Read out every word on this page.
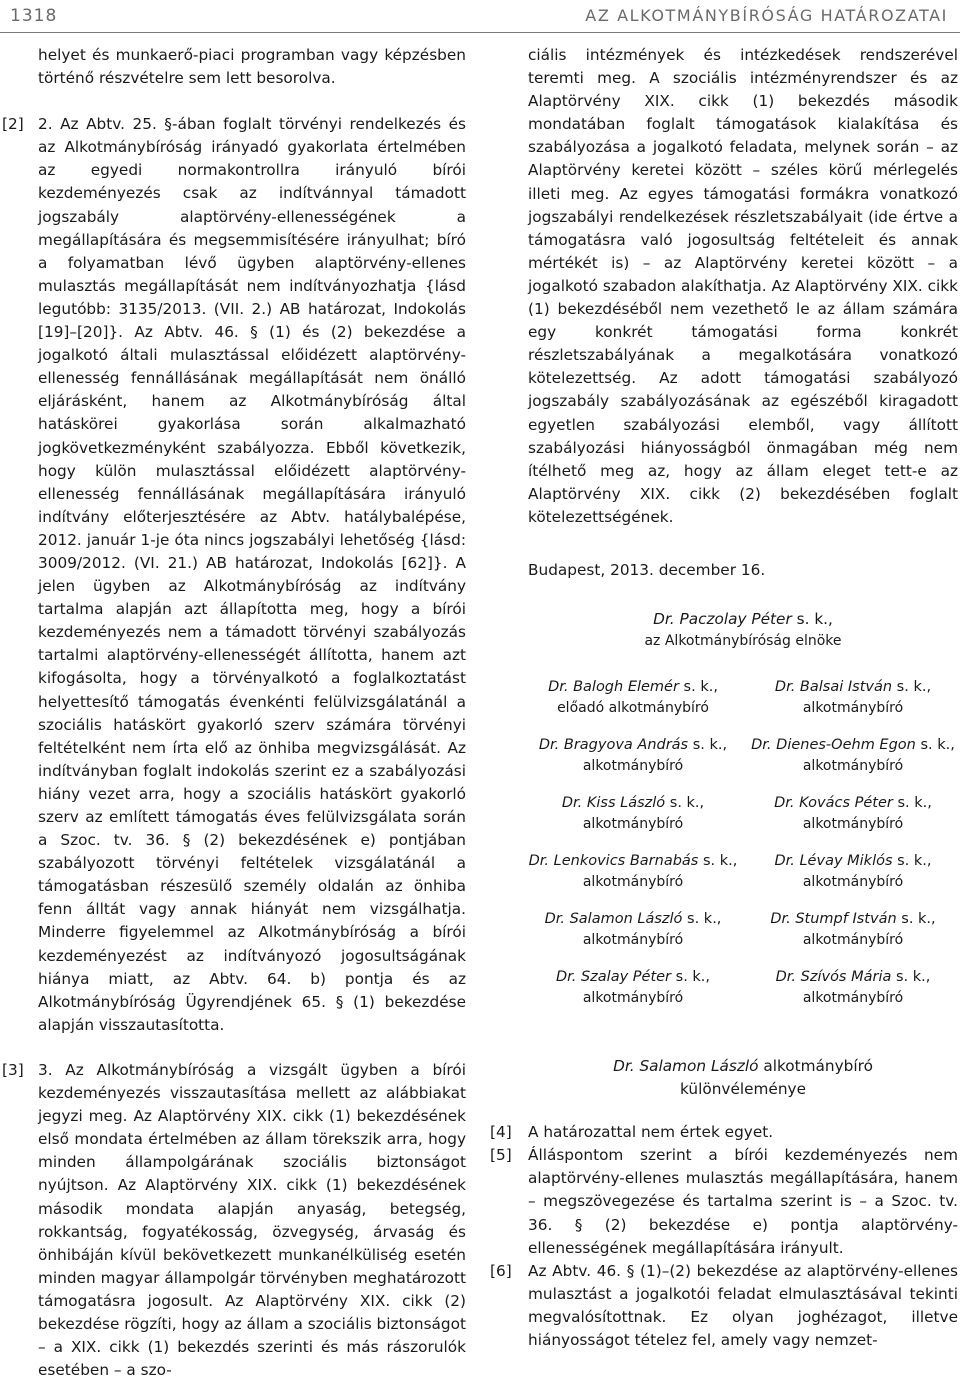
1318	AZ ALKOTMÁNYBÍRÓSÁG HATÁROZATAI

helyet és munkaerő-piaci programban vagy képzésben történő részvételre sem lett besorolva.

[2] 2. Az Abtv. 25. §-ában foglalt törvényi rendelkezés és az Alkotmánybíróság irányadó gyakorlata értelmében az egyedi normakontrollra irányuló bírói kezdeményezés csak az indítvánnyal támadott jogszabály alaptörvény-ellenességének a megállapítására és megsemmisítésére irányulhat; bíró a folyamatban lévő ügyben alaptörvény-ellenes mulasztás megállapítását nem indítványozhatja {lásd legutóbb: 3135/2013. (VII. 2.) AB határozat, Indokolás [19]–[20]}. Az Abtv. 46. § (1) és (2) bekezdése a jogalkotó általi mulasztással előidézett alaptörvény-ellenesség fennállásának megállapítását nem önálló eljárásként, hanem az Alkotmánybíróság által hatáskörei gyakorlása során alkalmazható jogkövetkezményként szabályozza. Ebből következik, hogy külön mulasztással előidézett alaptörvény-ellenesség fennállásának megállapítására irányuló indítvány előterjesztésére az Abtv. hatálybalépése, 2012. január 1-je óta nincs jogszabályi lehetőség {lásd: 3009/2012. (VI. 21.) AB határozat, Indokolás [62]}. A jelen ügyben az Alkotmánybíróság az indítvány tartalma alapján azt állapította meg, hogy a bírói kezdeményezés nem a támadott törvényi szabályozás tartalmi alaptörvény-ellenességét állította, hanem azt kifogásolta, hogy a törvényalkotó a foglalkoztatást helyettesítő támogatás évenkénti felülvizsgálatánál a szociális hatáskört gyakorló szerv számára törvényi feltételként nem írta elő az önhiba megvizsgálását. Az indítványban foglalt indokolás szerint ez a szabályozási hiány vezet arra, hogy a szociális hatáskört gyakorló szerv az említett támogatás éves felülvizsgálata során a Szoc. tv. 36. § (2) bekezdésének e) pontjában szabályozott törvényi feltételek vizsgálatánál a támogatásban részesülő személy oldalán az önhiba fenn álltát vagy annak hiányát nem vizsgálhatja. Minderre figyelemmel az Alkotmánybíróság a bírói kezdeményezést az indítványozó jogosultságának hiánya miatt, az Abtv. 64. b) pontja és az Alkotmánybíróság Ügyrendjének 65. § (1) bekezdése alapján visszautasította.

[3] 3. Az Alkotmánybíróság a vizsgált ügyben a bírói kezdeményezés visszautasítása mellett az alábbiakat jegyzi meg. Az Alaptörvény XIX. cikk (1) bekezdésének első mondata értelmében az állam törekszik arra, hogy minden állampolgárának szociális biztonságot nyújtson. Az Alaptörvény XIX. cikk (1) bekezdésének második mondata alapján anyaság, betegség, rokkantság, fogyatékosság, özvegység, árvaság és önhibáján kívül bekövetkezett munkanélküliség esetén minden magyar állampolgár törvényben meghatározott támogatásra jogosult. Az Alaptörvény XIX. cikk (2) bekezdése rögzíti, hogy az állam a szociális biztonságot – a XIX. cikk (1) bekezdés szerinti és más rászorulók esetében – a szo-

ciális intézmények és intézkedések rendszerével teremti meg. A szociális intézményrendszer és az Alaptörvény XIX. cikk (1) bekezdés második mondatában foglalt támogatások kialakítása és szabályozása a jogalkotó feladata, melynek során – az Alaptörvény keretei között – széles körű mérlegelés illeti meg. Az egyes támogatási formákra vonatkozó jogszabályi rendelkezések részletszabályait (ide értve a támogatásra való jogosultság feltételeit és annak mértékét is) – az Alaptörvény keretei között – a jogalkotó szabadon alakíthatja. Az Alaptörvény XIX. cikk (1) bekezdéséből nem vezethető le az állam számára egy konkrét támogatási forma konkrét részletszabályának a megalkotására vonatkozó kötelezettség. Az adott támogatási szabályozó jogszabály szabályozásának az egészéből kiragadott egyetlen szabályozási elemből, vagy állított szabályozási hiányosságból önmagában még nem ítélhető meg az, hogy az állam eleget tett-e az Alaptörvény XIX. cikk (2) bekezdésében foglalt kötelezettségének.

Budapest, 2013. december 16.

Dr. Paczolay Péter s. k.,
az Alkotmánybíróság elnöke
Dr. Balogh Elemér s. k.,
előadó alkotmánybíró
Dr. Balsai István s. k.,
alkotmánybíró
Dr. Bragyova András s. k.,
alkotmánybíró
Dr. Dienes-Oehm Egon s. k.,
alkotmánybíró
Dr. Kiss László s. k.,
alkotmánybíró
Dr. Kovács Péter s. k.,
alkotmánybíró
Dr. Lenkovics Barnabás s. k.,
alkotmánybíró
Dr. Lévay Miklós s. k.,
alkotmánybíró
Dr. Salamon László s. k.,
alkotmánybíró
Dr. Stumpf István s. k.,
alkotmánybíró
Dr. Szalay Péter s. k.,
alkotmánybíró
Dr. Szívós Mária s. k.,
alkotmánybíró
Dr. Salamon László alkotmánybíró
különvéleménye
[4] A határozattal nem értek egyet.

[5] Álláspontom szerint a bírói kezdeményezés nem alaptörvény-ellenes mulasztás megállapítására, hanem – megszövegezése és tartalma szerint is – a Szoc. tv. 36. § (2) bekezdése e) pontja alaptörvény-ellenességének megállapítására irányult.

[6] Az Abtv. 46. § (1)–(2) bekezdése az alaptörvény-ellenes mulasztást a jogalkotói feladat elmulasztásával tekinti megvalósítottnak. Ez olyan joghézagot, illetve hiányosságot tételez fel, amely vagy nemzet-
